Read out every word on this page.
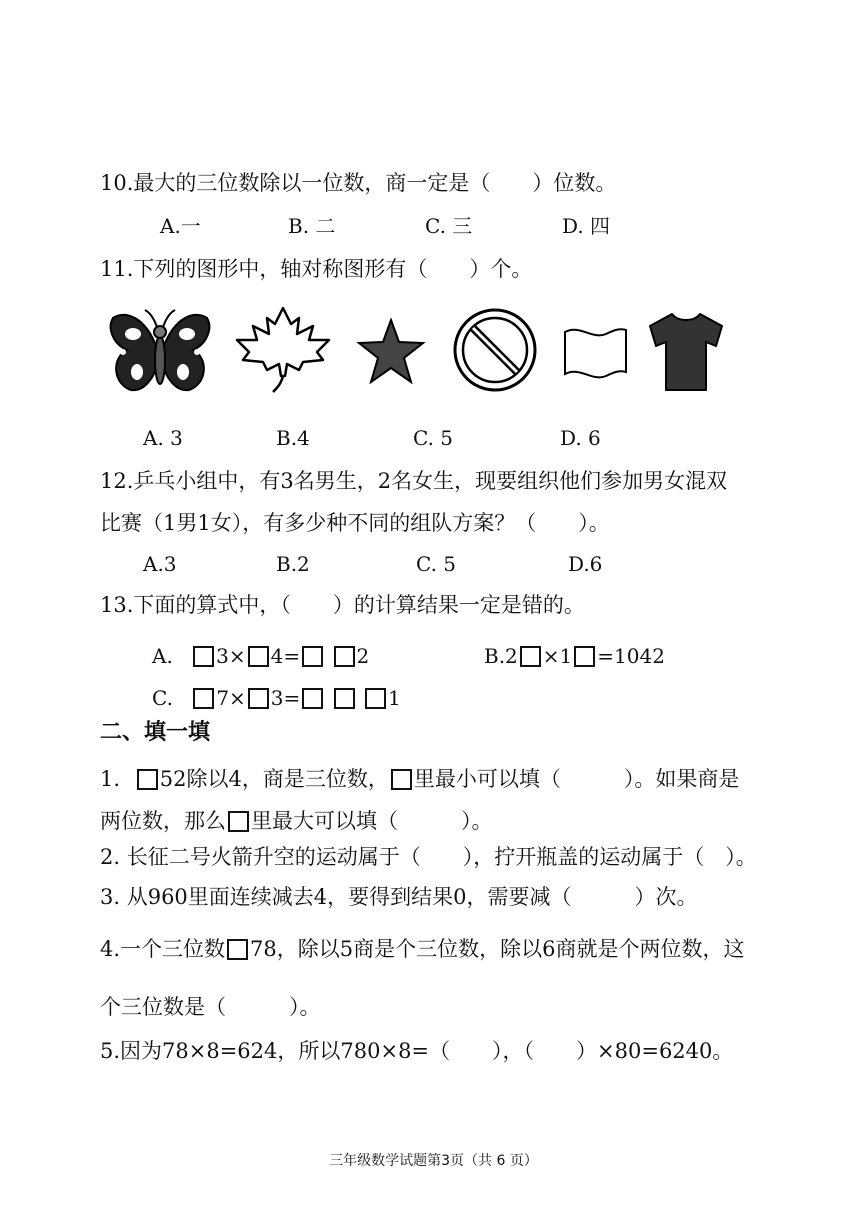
10.最大的三位数除以一位数，商一定是（　　）位数。
A.一	B. 二	C. 三	D. 四
11.下列的图形中，轴对称图形有（　　）个。
A. 3	B.4	C. 5	D. 6
12.乒乓小组中，有3名男生，2名女生，现要组织他们参加男女混双
比赛（1男1女），有多少种不同的组队方案？（　　）。
A.3	B.2	C. 5	D.6
13.下面的算式中，（　　）的计算结果一定是错的。
A. 3× 4=	2	B.2 ×1 =1042
C. 7× 3=	1
二、填一填
1. 52除以4，商是三位数， 里最小可以填（　　　）。如果商是
两位数，那么 里最大可以填（　　　）。
2. 长征二号火箭升空的运动属于（　　），拧开瓶盖的运动属于（　）。
3. 从960里面连续减去4，要得到结果0，需要减（　　　）次。
4.一个三位数 78，除以5商是个三位数，除以6商就是个两位数，这
个三位数是（　　　）。
5.因为78×8=624，所以780×8=（　　），（　　）×80=6240。
三年级数学试题第3页（共 6 页）
